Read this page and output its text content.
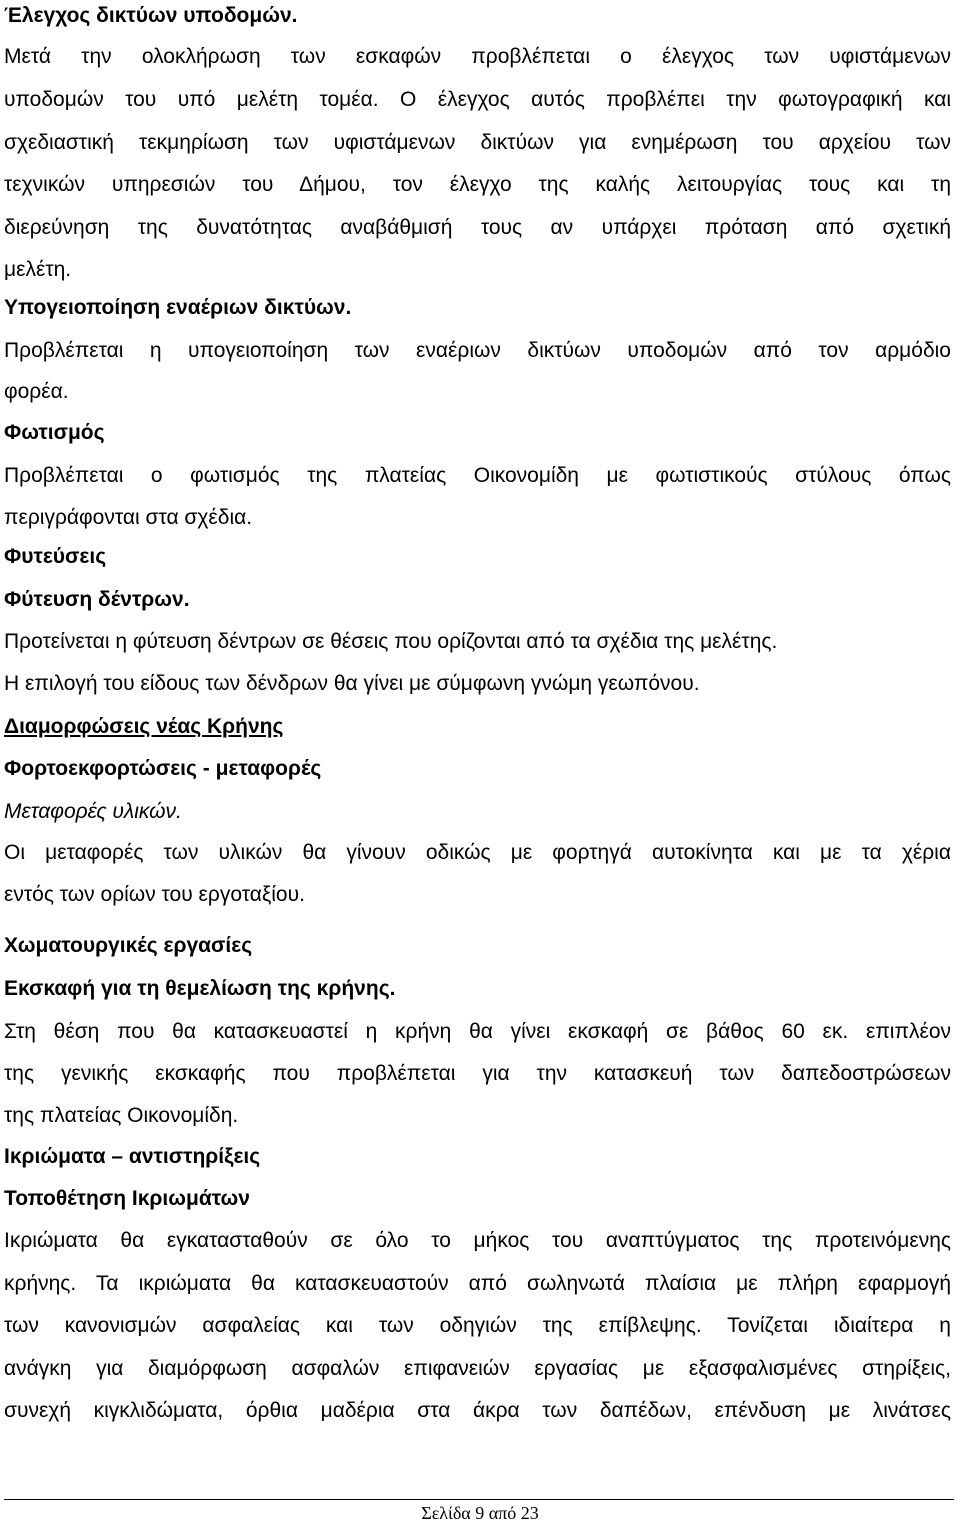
Έλεγχος δικτύων υποδομών.
Μετά την ολοκλήρωση των εσκαφών προβλέπεται ο έλεγχος των υφιστάμενων
υποδομών του υπό μελέτη τομέα. Ο έλεγχος αυτός προβλέπει την φωτογραφική και
σχεδιαστική τεκμηρίωση των υφιστάμενων δικτύων για ενημέρωση του αρχείου των
τεχνικών υπηρεσιών του Δήμου, τον έλεγχο της καλής λειτουργίας τους και τη
διερεύνηση της δυνατότητας αναβάθμισή τους αν υπάρχει πρόταση από σχετική
μελέτη.
Υπογειοποίηση εναέριων δικτύων.
Προβλέπεται η υπογειοποίηση των εναέριων δικτύων υποδομών από τον αρμόδιο
φορέα.
Φωτισμός
Προβλέπεται ο φωτισμός της πλατείας Οικονομίδη με φωτιστικούς στύλους όπως
περιγράφονται στα σχέδια.
Φυτεύσεις
Φύτευση δέντρων.
Προτείνεται η φύτευση δέντρων σε θέσεις που ορίζονται από τα σχέδια της μελέτης.
Η επιλογή του είδους των δένδρων θα γίνει με σύμφωνη γνώμη γεωπόνου.
Διαμορφώσεις νέας Κρήνης
Φορτοεκφορτώσεις - μεταφορές
Μεταφορές υλικών.
Οι μεταφορές των υλικών θα γίνουν οδικώς με φορτηγά αυτοκίνητα και με τα χέρια
εντός των ορίων του εργοταξίου.
Χωματουργικές εργασίες
Εκσκαφή για τη θεμελίωση της κρήνης.
Στη θέση που θα κατασκευαστεί η κρήνη θα γίνει εκσκαφή σε βάθος 60 εκ. επιπλέον
της γενικής εκσκαφής που προβλέπεται για την κατασκευή των δαπεδοστρώσεων
της πλατείας Οικονομίδη.
Ικριώματα – αντιστηρίξεις
Τοποθέτηση Ικριωμάτων
Ικριώματα θα εγκατασταθούν σε όλο το μήκος του αναπτύγματος της προτεινόμενης
κρήνης. Τα ικριώματα θα κατασκευαστούν από σωληνωτά πλαίσια με πλήρη εφαρμογή
των κανονισμών ασφαλείας και των οδηγιών της επίβλεψης. Τονίζεται ιδιαίτερα η
ανάγκη για διαμόρφωση ασφαλών επιφανειών εργασίας με εξασφαλισμένες στηρίξεις,
συνεχή κιγκλιδώματα, όρθια μαδέρια στα άκρα των δαπέδων, επένδυση με λινάτσες
Σελίδα 9 από 23
